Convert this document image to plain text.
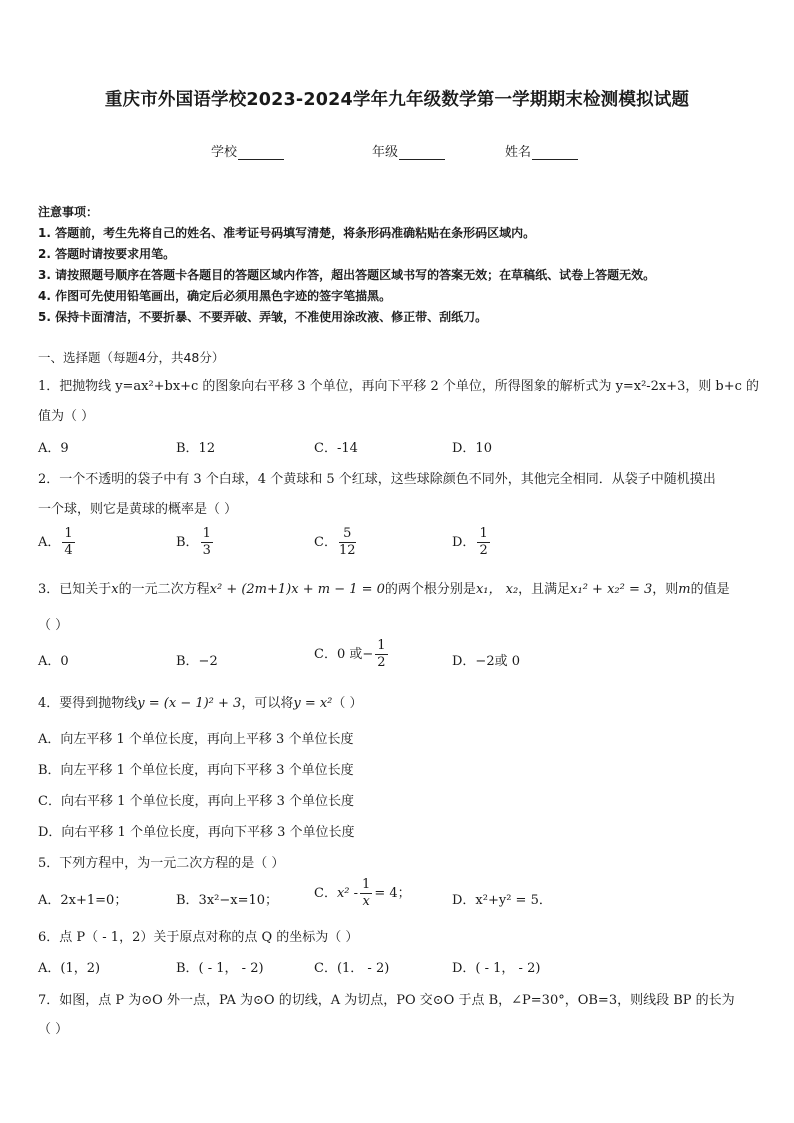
重庆市外国语学校2023-2024学年九年级数学第一学期期末检测模拟试题
学校	年级	姓名
注意事项：
1. 答题前，考生先将自己的姓名、准考证号码填写清楚，将条形码准确粘贴在条形码区域内。
2. 答题时请按要求用笔。
3. 请按照题号顺序在答题卡各题目的答题区域内作答，超出答题区域书写的答案无效；在草稿纸、试卷上答题无效。
4. 作图可先使用铅笔画出，确定后必须用黑色字迹的签字笔描黑。
5. 保持卡面清洁，不要折暴、不要弄破、弄皱，不准使用涂改液、修正带、刮纸刀。
一、选择题（每题4分，共48分）
1．把抛物线 y=ax²+bx+c 的图象向右平移 3 个单位，再向下平移 2 个单位，所得图象的解析式为 y=x²-2x+3，则 b+c 的
值为（ ）
A．9	B．12	C．-14	D．10
2．一个不透明的袋子中有 3 个白球，4 个黄球和 5 个红球，这些球除颜色不同外，其他完全相同．从袋子中随机摸出
一个球，则它是黄球的概率是（ ）
A． $\frac{1}{4}$	B． $\frac{1}{3}$	C． $\frac{5}{12}$	D． $\frac{1}{2}$
3．已知关于x的一元二次方程x² + (2m+1)x + m − 1 = 0的两个根分别是x₁， x₂，且满足x₁² + x₂² = 3，则m的值是
（ ）
A．0	B．−2	C．0 或− $\frac{1}{2}$	D．−2或 0
4．要得到抛物线y = (x − 1)² + 3，可以将y = x²（ ）
A．向左平移 1 个单位长度，再向上平移 3 个单位长度
B．向左平移 1 个单位长度，再向下平移 3 个单位长度
C．向右平移 1 个单位长度，再向上平移 3 个单位长度
D．向右平移 1 个单位长度，再向下平移 3 个单位长度
5．下列方程中，为一元二次方程的是（ ）
A．2x+1=0；	B．3x²−x=10；	C．$x^2 - \frac{1}{x} = 4$；	D．x²+y² = 5．
6．点 P（ - 1，2）关于原点对称的点 Q 的坐标为（ ）
A．(1，2)	B．( - 1， - 2)	C．(1． - 2)	D．( - 1， - 2)
7．如图，点 P 为⊙O 外一点，PA 为⊙O 的切线，A 为切点，PO 交⊙O 于点 B，∠P=30°，OB=3，则线段 BP 的长为
（ ）
